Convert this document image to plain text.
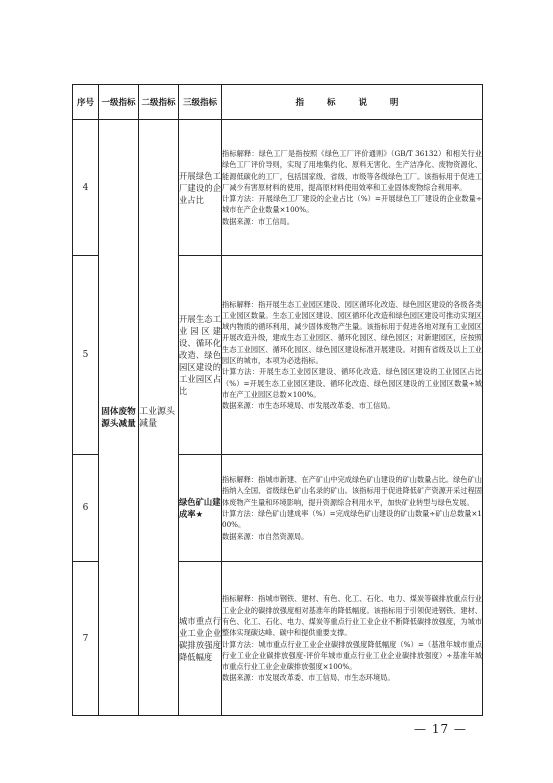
序号	一级指标	二级指标	三级指标	指 标 说 明
4	固体废物源头减量	工业源头减量	开展绿色工厂建设的企业占比	指标解释：绿色工厂是指按照《绿色工厂评价通则》（GB/T 36132）和相关行业绿色工厂评价导则，实现了用地集约化、原料无害化、生产洁净化、废物资源化、能源低碳化的工厂，包括国家级、省级、市级等各级绿色工厂。该指标用于促进工厂减少有害原材料的使用，提高原材料使用效率和工业固体废物综合利用率。

计算方法：开展绿色工厂建设的企业占比（%）=开展绿色工厂建设的企业数量÷城市在产企业数量×100%。

数据来源：市工信局。

5			开展生态工业园区建设、循环化改造、绿色园区建设的工业园区占比	指标解释：指开展生态工业园区建设、园区循环化改造、绿色园区建设的各级各类工业园区数量。生态工业园区建设、园区循环化改造和绿色园区建设可推动实现区域内物质的循环利用，减少固体废物产生量。该指标用于促进各地对现有工业园区开展改造升级，建成生态工业园区、循环化园区、绿色园区；对新建园区，应按照生态工业园区、循环化园区、绿色园区建设标准开展建设。对拥有省级及以上工业园区的城市，本项为必选指标。

计算方法：开展生态工业园区建设、循环化改造、绿色园区建设的工业园区占比（%）=开展生态工业园区建设、循环化改造、绿色园区建设的工业园区数量÷城市在产工业园区总数×100%。

数据来源：市生态环境局、市发展改革委、市工信局。

6			绿色矿山建成率★	指标解释：指城市新建、在产矿山中完成绿色矿山建设的矿山数量占比。绿色矿山指纳入全国、省级绿色矿山名录的矿山。该指标用于促进降低矿产资源开采过程固体废物产生量和环境影响，提升资源综合利用水平，加快矿业转型与绿色发展。

计算方法：绿色矿山建成率（%）=完成绿色矿山建设的矿山数量÷矿山总数量×100%。

数据来源：市自然资源局。

7			城市重点行业工业企业碳排放强度降低幅度	指标解释：指城市钢铁、建材、有色、化工、石化、电力、煤炭等碳排放重点行业工业企业的碳排放强度相对基准年的降低幅度。该指标用于引领促进钢铁、建材、有色、化工、石化、电力、煤炭等重点行业工业企业不断降低碳排放强度，为城市整体实现碳达峰、碳中和提供重要支撑。

计算方法：城市重点行业工业企业碳排放强度降低幅度（%）=（基准年城市重点行业工业企业碳排放强度-评价年城市重点行业工业企业碳排放强度）÷基准年城市重点行业工业企业碳排放强度×100%。

数据来源：市发展改革委、市工信局、市生态环境局。

— 17 —
